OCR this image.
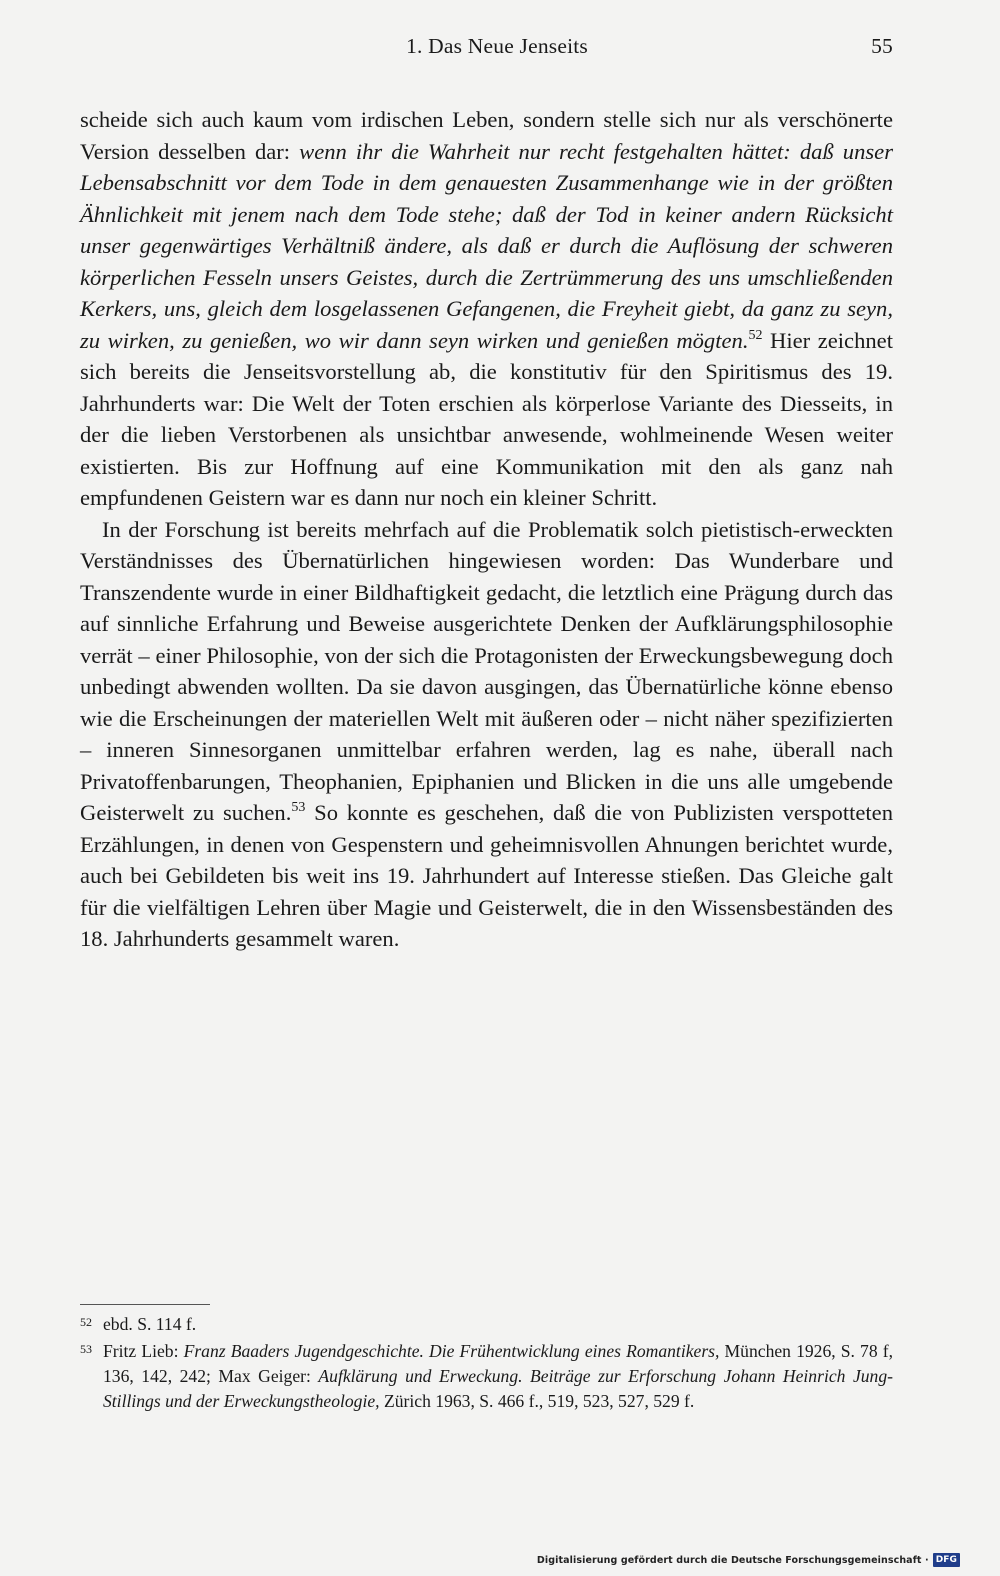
1. Das Neue Jenseits	55

scheide sich auch kaum vom irdischen Leben, sondern stelle sich nur als verschönerte Version desselben dar: wenn ihr die Wahrheit nur recht festgehalten hättet: daß unser Lebensabschnitt vor dem Tode in dem genauesten Zusammenhange wie in der größten Ähnlichkeit mit jenem nach dem Tode stehe; daß der Tod in keiner andern Rücksicht unser gegenwärtiges Verhältniß ändere, als daß er durch die Auflösung der schweren körperlichen Fesseln unsers Geistes, durch die Zertrümmerung des uns umschließenden Kerkers, uns, gleich dem losgelassenen Gefangenen, die Freyheit giebt, da ganz zu seyn, zu wirken, zu genießen, wo wir dann seyn wirken und genießen mögten.$^{52}$ Hier zeichnet sich bereits die Jenseitsvorstellung ab, die konstitutiv für den Spiritismus des 19. Jahrhunderts war: Die Welt der Toten erschien als körperlose Variante des Diesseits, in der die lieben Verstorbenen als unsichtbar anwesende, wohlmeinende Wesen weiter existierten. Bis zur Hoffnung auf eine Kommunikation mit den als ganz nah empfundenen Geistern war es dann nur noch ein kleiner Schritt.

In der Forschung ist bereits mehrfach auf die Problematik solch pietistisch-erweckten Verständnisses des Übernatürlichen hingewiesen worden: Das Wunderbare und Transzendente wurde in einer Bildhaftigkeit gedacht, die letztlich eine Prägung durch das auf sinnliche Erfahrung und Beweise ausgerichtete Denken der Aufklärungsphilosophie verrät – einer Philosophie, von der sich die Protagonisten der Erweckungsbewegung doch unbedingt abwenden wollten. Da sie davon ausgingen, das Übernatürliche könne ebenso wie die Erscheinungen der materiellen Welt mit äußeren oder – nicht näher spezifizierten – inneren Sinnesorganen unmittelbar erfahren werden, lag es nahe, überall nach Privatoffenbarungen, Theophanien, Epiphanien und Blicken in die uns alle umgebende Geisterwelt zu suchen.$^{53}$ So konnte es geschehen, daß die von Publizisten verspotteten Erzählungen, in denen von Gespenstern und geheimnisvollen Ahnungen berichtet wurde, auch bei Gebildeten bis weit ins 19. Jahrhundert auf Interesse stießen. Das Gleiche galt für die vielfältigen Lehren über Magie und Geisterwelt, die in den Wissensbeständen des 18. Jahrhunderts gesammelt waren.

52 ebd. S. 114 f.
53 Fritz Lieb: Franz Baaders Jugendgeschichte. Die Frühentwicklung eines Romantikers, München 1926, S. 78 f, 136, 142, 242; Max Geiger: Aufklärung und Erweckung. Beiträge zur Erforschung Johann Heinrich Jung-Stillings und der Erweckungstheologie, Zürich 1963, S. 466 f., 519, 523, 527, 529 f.
Digitalisierung gefördert durch die Deutsche Forschungsgemeinschaft · DFG
